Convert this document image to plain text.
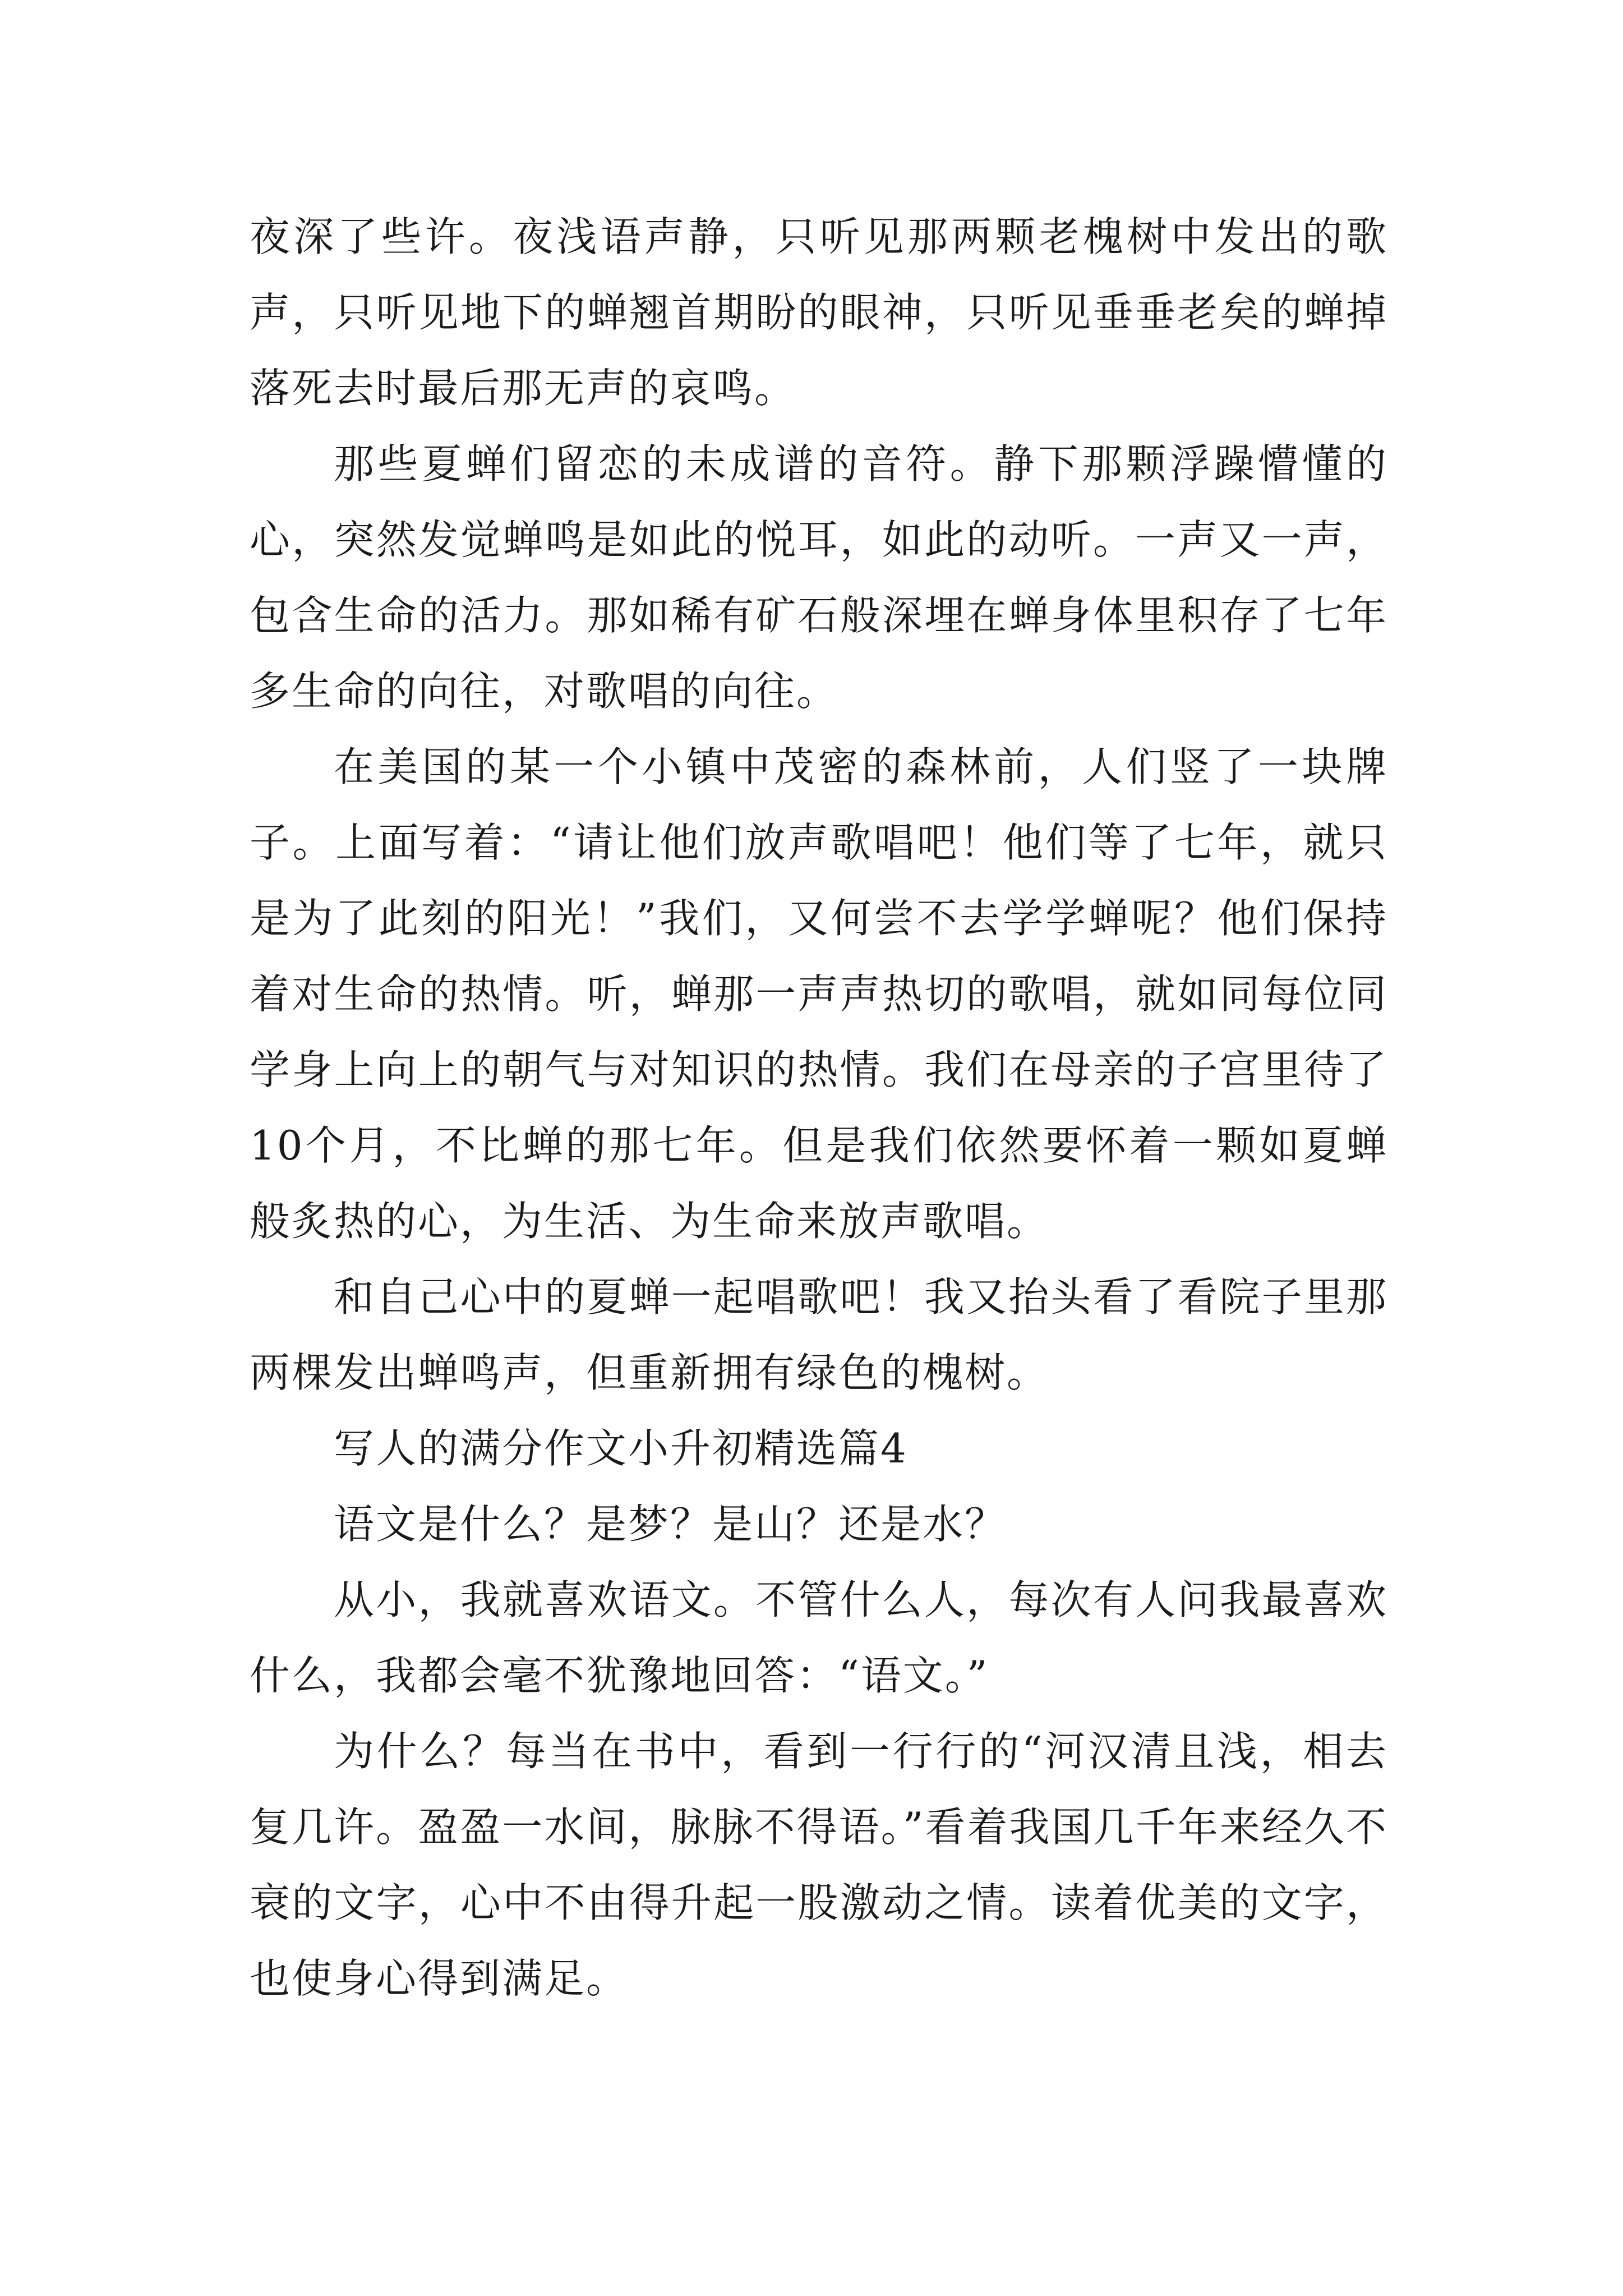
夜深了些许。夜浅语声静，只听见那两颗老槐树中发出的歌声，只听见地下的蝉翘首期盼的眼神，只听见垂垂老矣的蝉掉落死去时最后那无声的哀鸣。

那些夏蝉们留恋的未成谱的音符。静下那颗浮躁懵懂的心，突然发觉蝉鸣是如此的悦耳，如此的动听。一声又一声，包含生命的活力。那如稀有矿石般深埋在蝉身体里积存了七年多生命的向往，对歌唱的向往。

在美国的某一个小镇中茂密的森林前，人们竖了一块牌子。上面写着：“请让他们放声歌唱吧！他们等了七年，就只是为了此刻的阳光！”我们，又何尝不去学学蝉呢？他们保持着对生命的热情。听，蝉那一声声热切的歌唱，就如同每位同学身上向上的朝气与对知识的热情。我们在母亲的子宫里待了10个月，不比蝉的那七年。但是我们依然要怀着一颗如夏蝉般炙热的心，为生活、为生命来放声歌唱。

和自己心中的夏蝉一起唱歌吧！我又抬头看了看院子里那两棵发出蝉鸣声，但重新拥有绿色的槐树。

写人的满分作文小升初精选篇4

语文是什么？是梦？是山？还是水？

从小，我就喜欢语文。不管什么人，每次有人问我最喜欢什么，我都会毫不犹豫地回答：“语文。”

为什么？每当在书中，看到一行行的“河汉清且浅，相去复几许。盈盈一水间，脉脉不得语。”看着我国几千年来经久不衰的文字，心中不由得升起一股激动之情。读着优美的文字，也使身心得到满足。
